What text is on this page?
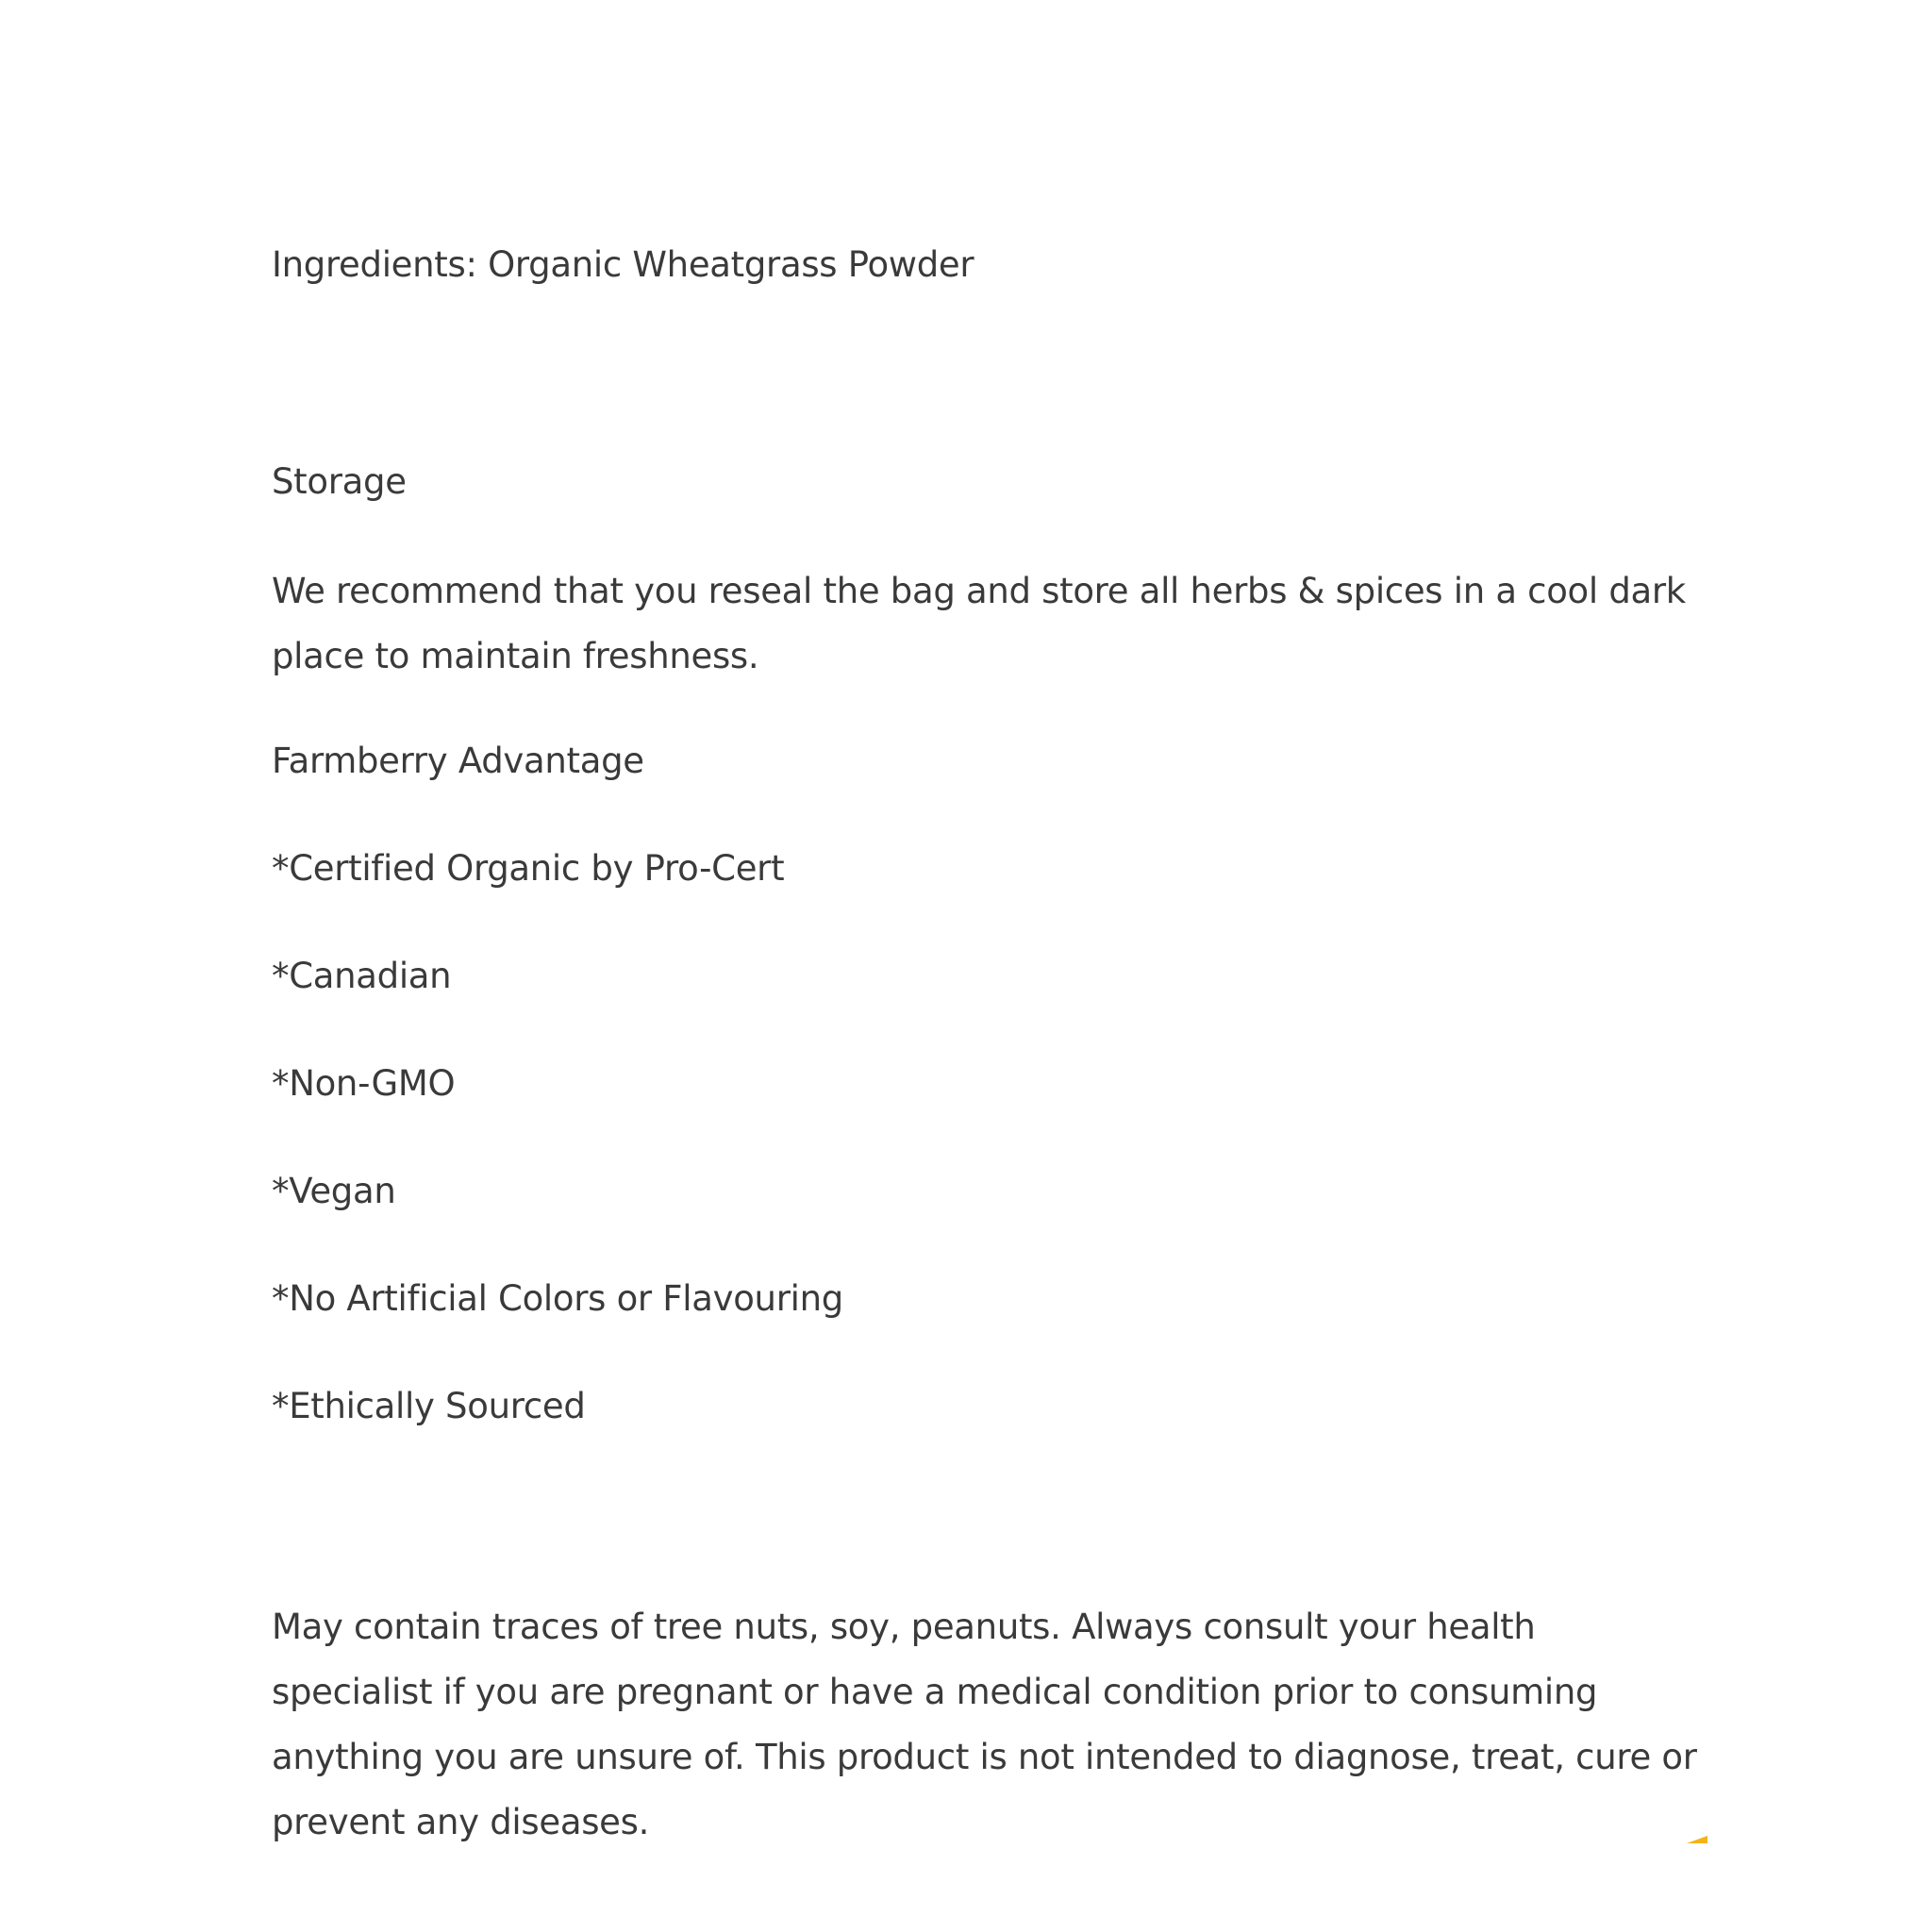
Ingredients: Organic Wheatgrass Powder
Storage
We recommend that you reseal the bag and store all herbs & spices in a cool dark place to maintain freshness.
Farmberry Advantage
*Certified Organic by Pro-Cert
*Canadian
*Non-GMO
*Vegan
*No Artificial Colors or Flavouring
*Ethically Sourced
May contain traces of tree nuts, soy, peanuts. Always consult your health specialist if you are pregnant or have a medical condition prior to consuming anything you are unsure of. This product is not intended to diagnose, treat, cure or prevent any diseases.
